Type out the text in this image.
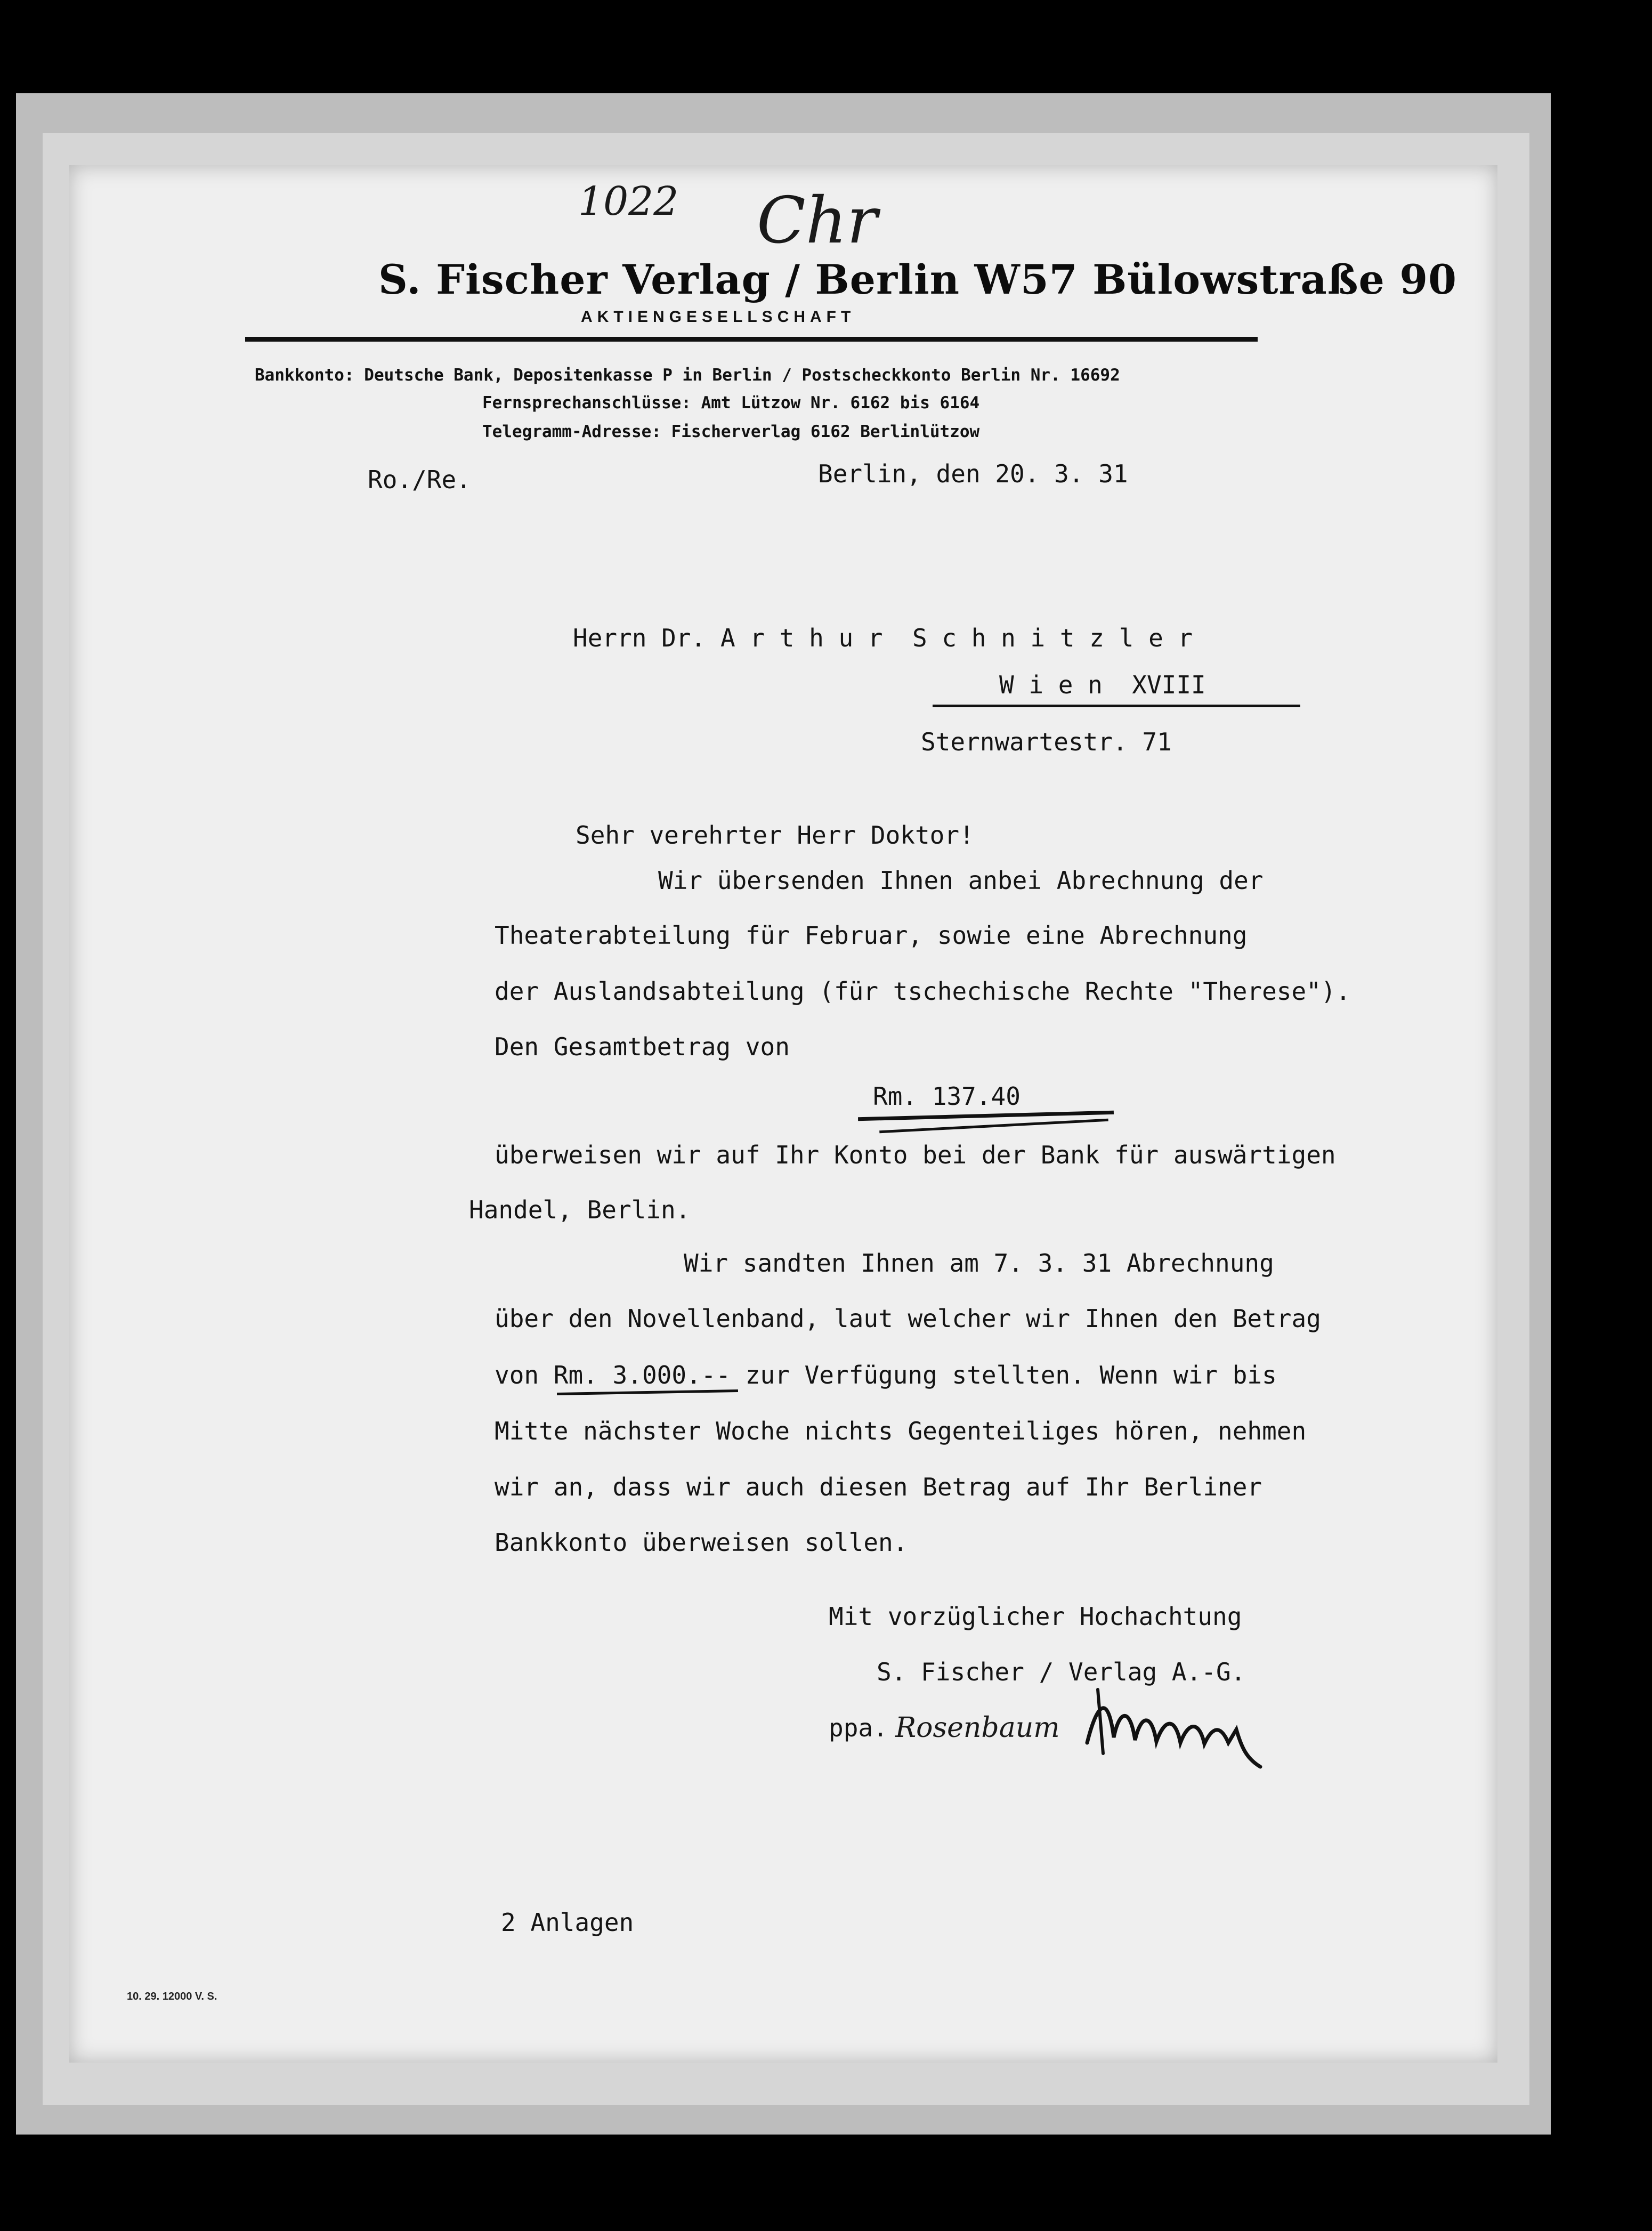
1022 Chr
S. Fischer Verlag / Berlin W57 Bülowstraße 90
AKTIENGESELLSCHAFT
Bankkonto: Deutsche Bank, Depositenkasse P in Berlin / Postscheckkonto Berlin Nr. 16692
Fernsprechanschlüsse: Amt Lützow Nr. 6162 bis 6164
Telegramm-Adresse: Fischerverlag 6162 Berlinlützow
Ro./Re.	Berlin, den 20. 3. 31
Herrn Dr. A r t h u r  S c h n i t z l e r
W i e n  XVIII
Sternwartestr. 71
Sehr verehrter Herr Doktor!
Wir übersenden Ihnen anbei Abrechnung der
Theaterabteilung für Februar, sowie eine Abrechnung
der Auslandsabteilung (für tschechische Rechte "Therese").
Den Gesamtbetrag von
Rm. 137.40
überweisen wir auf Ihr Konto bei der Bank für auswärtigen
Handel, Berlin.
Wir sandten Ihnen am 7. 3. 31 Abrechnung
über den Novellenband, laut welcher wir Ihnen den Betrag
von Rm. 3.000.-- zur Verfügung stellten. Wenn wir bis
Mitte nächster Woche nichts Gegenteiliges hören, nehmen
wir an, dass wir auch diesen Betrag auf Ihr Berliner
Bankkonto überweisen sollen.
Mit vorzüglicher Hochachtung
S. Fischer / Verlag A.-G.
ppa. Rosenbaum
2 Anlagen
10. 29. 12000 V. S.
